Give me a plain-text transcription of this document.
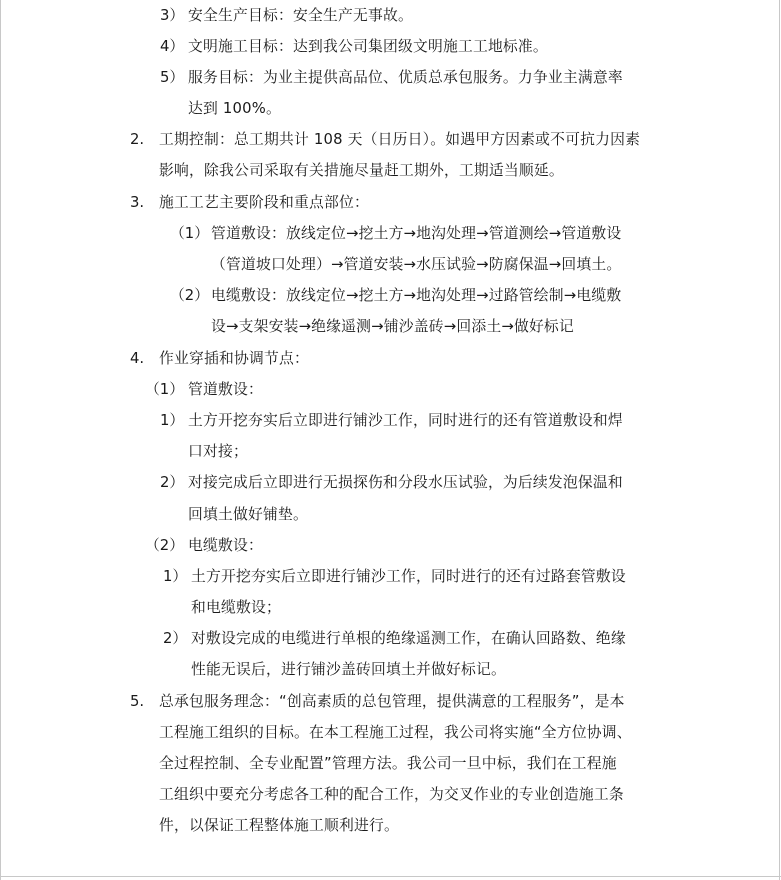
3） 安全生产目标：安全生产无事故。
4） 文明施工目标：达到我公司集团级文明施工工地标准。
5） 服务目标：为业主提供高品位、优质总承包服务。力争业主满意率
达到 100%。
2. 工期控制：总工期共计 108 天（日历日）。如遇甲方因素或不可抗力因素
影响，除我公司采取有关措施尽量赶工期外，工期适当顺延。
3. 施工工艺主要阶段和重点部位：
（1） 管道敷设：放线定位→挖土方→地沟处理→管道测绘→管道敷设
（管道坡口处理）→管道安装→水压试验→防腐保温→回填土。
（2） 电缆敷设：放线定位→挖土方→地沟处理→过路管绘制→电缆敷
设→支架安装→绝缘遥测→铺沙盖砖→回添土→做好标记
4. 作业穿插和协调节点：
（1） 管道敷设：
1） 土方开挖夯实后立即进行铺沙工作，同时进行的还有管道敷设和焊
口对接；
2） 对接完成后立即进行无损探伤和分段水压试验，为后续发泡保温和
回填土做好铺垫。
（2） 电缆敷设：
1） 土方开挖夯实后立即进行铺沙工作，同时进行的还有过路套管敷设
和电缆敷设；
2） 对敷设完成的电缆进行单根的绝缘遥测工作，在确认回路数、绝缘
性能无误后，进行铺沙盖砖回填土并做好标记。
5. 总承包服务理念：“创高素质的总包管理，提供满意的工程服务”，是本
工程施工组织的目标。在本工程施工过程，我公司将实施“全方位协调、
全过程控制、全专业配置”管理方法。我公司一旦中标，我们在工程施
工组织中要充分考虑各工种的配合工作，为交叉作业的专业创造施工条
件，以保证工程整体施工顺利进行。
